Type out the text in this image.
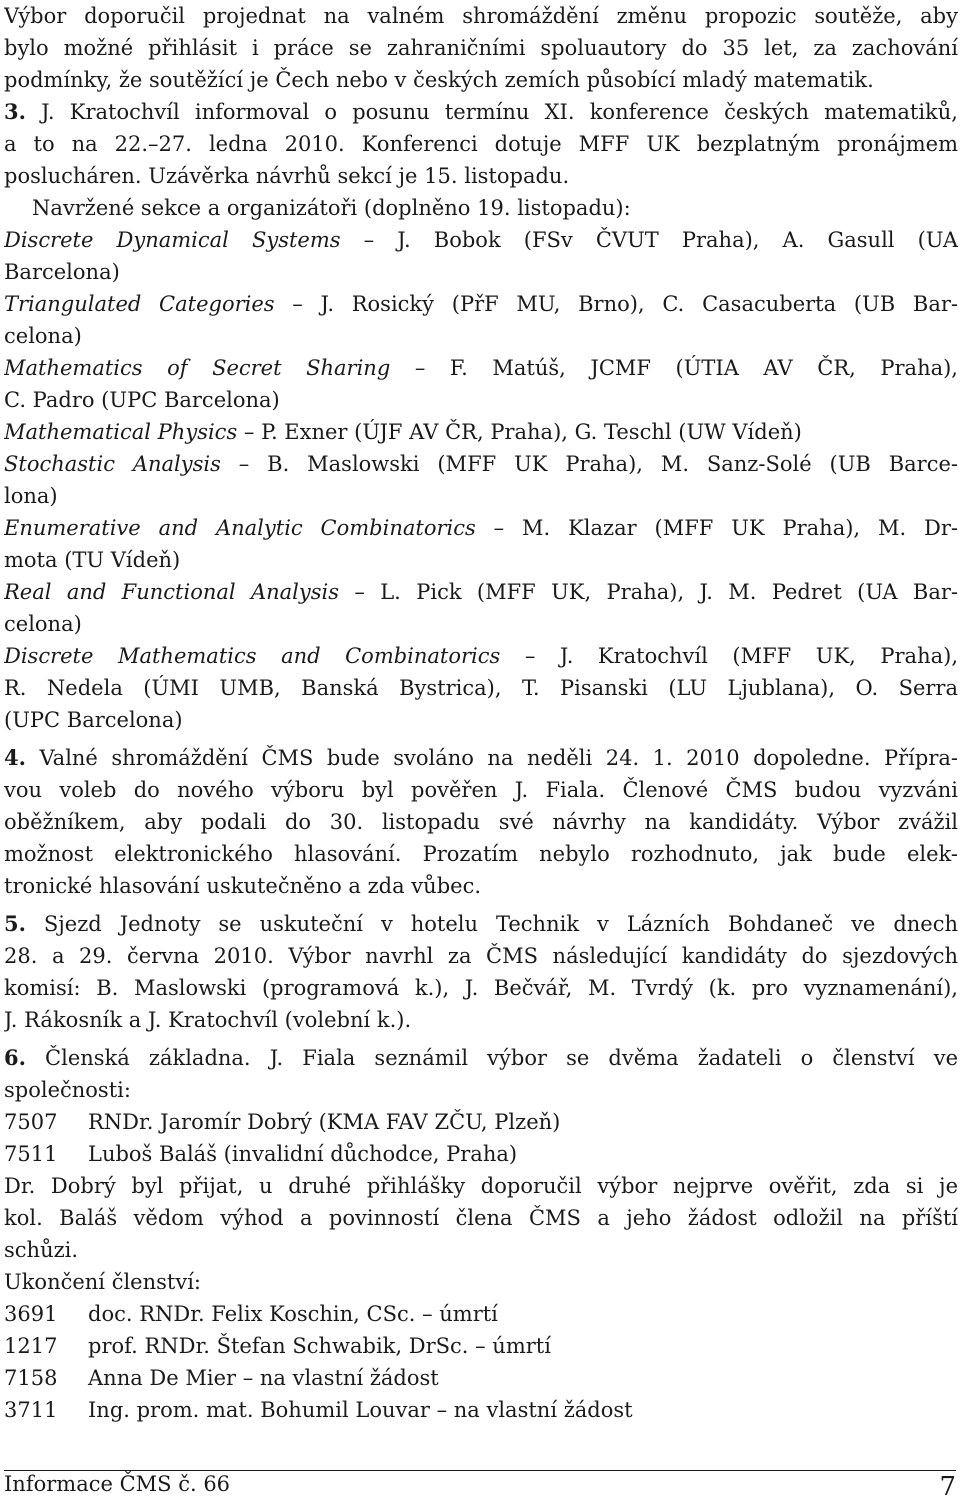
Výbor doporučil projednat na valném shromáždění změnu propozic soutěže, aby
bylo možné přihlásit i práce se zahraničními spoluautory do 35 let, za zachování
podmínky, že soutěžící je Čech nebo v českých zemích působící mladý matematik.
3. J. Kratochvíl informoval o posunu termínu XI. konference českých matematiků,
a to na 22.–27. ledna 2010. Konferenci dotuje MFF UK bezplatným pronájmem
poslucháren. Uzávěrka návrhů sekcí je 15. listopadu.
Navržené sekce a organizátoři (doplněno 19. listopadu):
Discrete Dynamical Systems – J. Bobok (FSv ČVUT Praha), A. Gasull (UA
Barcelona)
Triangulated Categories – J. Rosický (PřF MU, Brno), C. Casacuberta (UB Bar-
celona)
Mathematics of Secret Sharing – F. Matúš, JCMF (ÚTIA AV ČR, Praha),
C. Padro (UPC Barcelona)
Mathematical Physics – P. Exner (ÚJF AV ČR, Praha), G. Teschl (UW Vídeň)
Stochastic Analysis – B. Maslowski (MFF UK Praha), M. Sanz-Solé (UB Barce-
lona)
Enumerative and Analytic Combinatorics – M. Klazar (MFF UK Praha), M. Dr-
mota (TU Vídeň)
Real and Functional Analysis – L. Pick (MFF UK, Praha), J. M. Pedret (UA Bar-
celona)
Discrete Mathematics and Combinatorics – J. Kratochvíl (MFF UK, Praha),
R. Nedela (ÚMI UMB, Banská Bystrica), T. Pisanski (LU Ljublana), O. Serra
(UPC Barcelona)
4. Valné shromáždění ČMS bude svoláno na neděli 24. 1. 2010 dopoledne. Přípra-
vou voleb do nového výboru byl pověřen J. Fiala. Členové ČMS budou vyzváni
oběžníkem, aby podali do 30. listopadu své návrhy na kandidáty. Výbor zvážil
možnost elektronického hlasování. Prozatím nebylo rozhodnuto, jak bude elek-
tronické hlasování uskutečněno a zda vůbec.
5. Sjezd Jednoty se uskuteční v hotelu Technik v Lázních Bohdaneč ve dnech
28. a 29. června 2010. Výbor navrhl za ČMS následující kandidáty do sjezdových
komisí: B. Maslowski (programová k.), J. Bečvář, M. Tvrdý (k. pro vyznamenání),
J. Rákosník a J. Kratochvíl (volební k.).
6. Členská základna. J. Fiala seznámil výbor se dvěma žadateli o členství ve
společnosti:
7507 RNDr. Jaromír Dobrý (KMA FAV ZČU, Plzeň)
7511 Luboš Baláš (invalidní důchodce, Praha)
Dr. Dobrý byl přijat, u druhé přihlášky doporučil výbor nejprve ověřit, zda si je
kol. Baláš vědom výhod a povinností člena ČMS a jeho žádost odložil na příští
schůzi.
Ukončení členství:
3691 doc. RNDr. Felix Koschin, CSc. – úmrtí
1217 prof. RNDr. Štefan Schwabik, DrSc. – úmrtí
7158 Anna De Mier – na vlastní žádost
3711 Ing. prom. mat. Bohumil Louvar – na vlastní žádost
Informace ČMS č. 66	7
